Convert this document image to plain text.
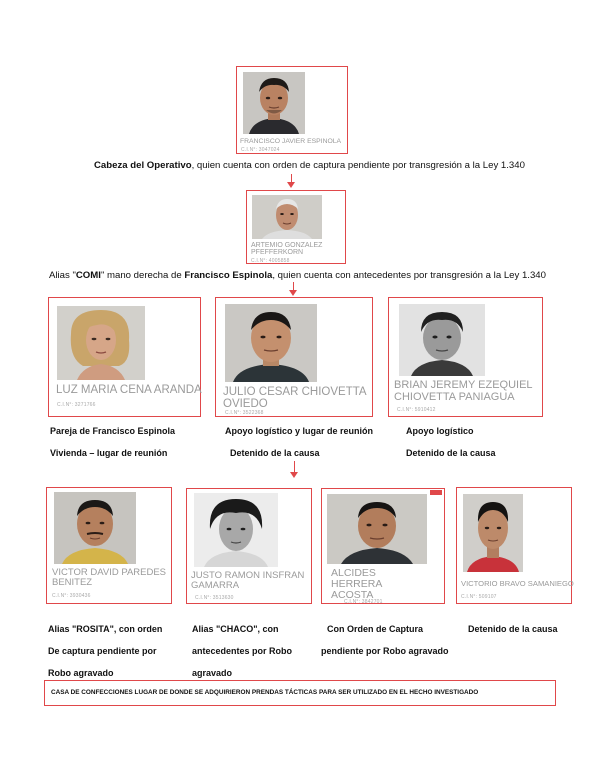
FRANCISCO JAVIER ESPINOLA
C.I.N°: 3047024
Cabeza del Operativo, quien cuenta con orden de captura pendiente por transgresión a la Ley 1.340
ARTEMIO GONZALEZ
PFEFFERKORN
C.I.N°: 4005858
Alias "COMI" mano derecha de Francisco Espinola, quien cuenta con antecedentes por transgresión a la Ley 1.340
LUZ MARIA CENA ARANDA
C.I.N°: 3271766
JULIO CESAR CHIOVETTA
OVIEDO
C.I.N°: 3522368
BRIAN JEREMY EZEQUIEL
CHIOVETTA PANIAGUA
C.I.N°: 5910412
Pareja de Francisco Espinola
Vivienda – lugar de reunión
Apoyo logístico y lugar de reunión
Detenido de la causa
Apoyo logístico
Detenido de la causa
VICTOR DAVID PAREDES
BENITEZ
C.I.N°: 3930436
JUSTO RAMON INSFRAN
GAMARRA
C.I.N°: 3513630
ALCIDES
HERRERA
ACOSTA
C.I.N°: 3842701
VICTORIO BRAVO SAMANIEGO
C.I.N°: 509107
Alias "ROSITA", con orden
De captura pendiente por
Robo agravado
Alias "CHACO", con
antecedentes por Robo
agravado
Con Orden de Captura
pendiente por Robo agravado
Detenido de la causa
CASA DE CONFECCIONES LUGAR DE DONDE SE ADQUIRIERON PRENDAS TÁCTICAS PARA SER UTILIZADO EN EL HECHO INVESTIGADO
